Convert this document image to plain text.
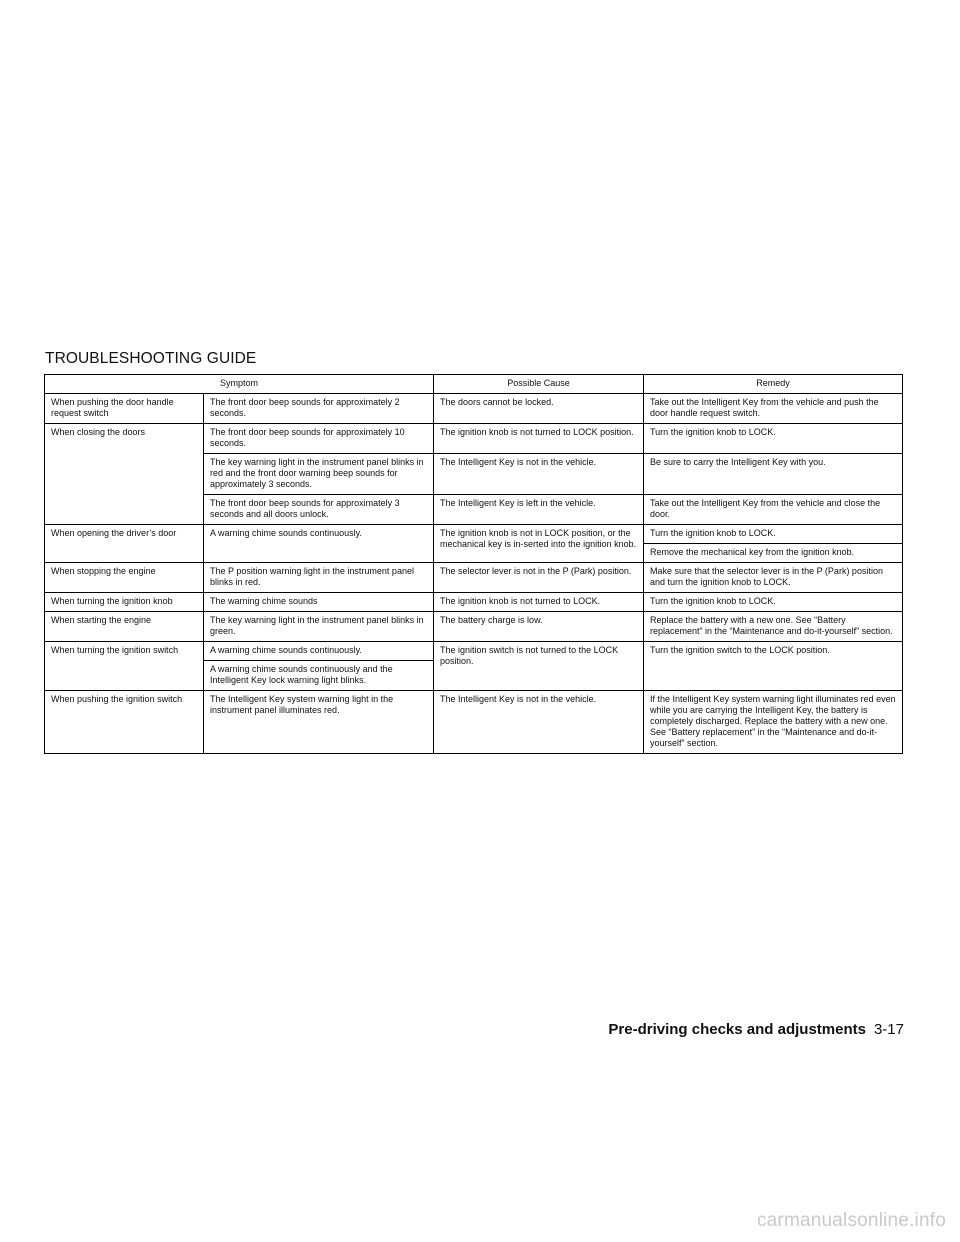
TROUBLESHOOTING GUIDE
Symptom		Possible Cause	Remedy
When pushing the door handle request switch	The front door beep sounds for approximately 2 seconds.	The doors cannot be locked.	Take out the Intelligent Key from the vehicle and push the door handle request switch.
When closing the doors	The front door beep sounds for approximately 10 seconds.	The ignition knob is not turned to LOCK position.	Turn the ignition knob to LOCK.
	The key warning light in the instrument panel blinks in red and the front door warning beep sounds for approximately 3 seconds.	The Intelligent Key is not in the vehicle.	Be sure to carry the Intelligent Key with you.
	The front door beep sounds for approximately 3 seconds and all doors unlock.	The Intelligent Key is left in the vehicle.	Take out the Intelligent Key from the vehicle and close the door.
When opening the driver’s door	A warning chime sounds continuously.	The ignition knob is not in LOCK position, or the mechanical key is in-serted into the ignition knob.	Turn the ignition knob to LOCK.
			Remove the mechanical key from the ignition knob.
When stopping the engine	The P position warning light in the instrument panel blinks in red.	The selector lever is not in the P (Park) position.	Make sure that the selector lever is in the P (Park) position and turn the ignition knob to LOCK.
When turning the ignition knob	The warning chime sounds	The ignition knob is not turned to LOCK.	Turn the ignition knob to LOCK.
When starting the engine	The key warning light in the instrument panel blinks in green.	The battery charge is low.	Replace the battery with a new one. See “Battery replacement” in the “Maintenance and do-it-yourself” section.
When turning the ignition switch	A warning chime sounds continuously.	The ignition switch is not turned to the LOCK position.	Turn the ignition switch to the LOCK position.
	A warning chime sounds continuously and the Intelligent Key lock warning light blinks.		
When pushing the ignition switch	The Intelligent Key system warning light in the instrument panel illuminates red.	The Intelligent Key is not in the vehicle.	If the Intelligent Key system warning light illuminates red even while you are carrying the Intelligent Key, the battery is completely discharged. Replace the battery with a new one. See “Battery replacement” in the “Maintenance and do-it-yourself” section.
Pre-driving checks and adjustments 3-17
carmanualsonline.info
